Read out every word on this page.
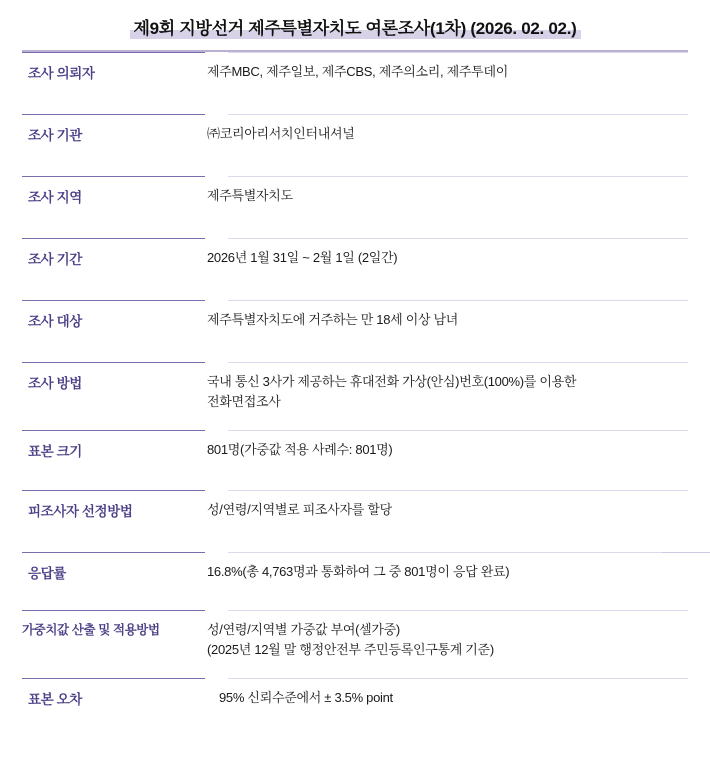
제9회 지방선거 제주특별자치도 여론조사(1차) (2026. 02. 02.)
조사 의뢰자	제주MBC, 제주일보, 제주CBS, 제주의소리, 제주투데이
조사 기관	㈜코리아리서치인터내셔널
조사 지역	제주특별자치도
조사 기간	2026년 1월 31일 ~ 2월 1일 (2일간)
조사 대상	제주특별자치도에 거주하는 만 18세 이상 남녀
조사 방법	국내 통신 3사가 제공하는 휴대전화 가상(안심)번호(100%)를 이용한
전화면접조사
표본 크기	801명(가중값 적용 사례수: 801명)
피조사자 선정방법	성/연령/지역별로 피조사자를 할당
응답률	16.8%(총 4,763명과 통화하여 그 중 801명이 응답 완료)
가중치값 산출 및 적용방법	성/연령/지역별 가중값 부여(셀가중)
(2025년 12월 말 행정안전부 주민등록인구통계 기준)
표본 오차	95% 신뢰수준에서 ± 3.5% point
